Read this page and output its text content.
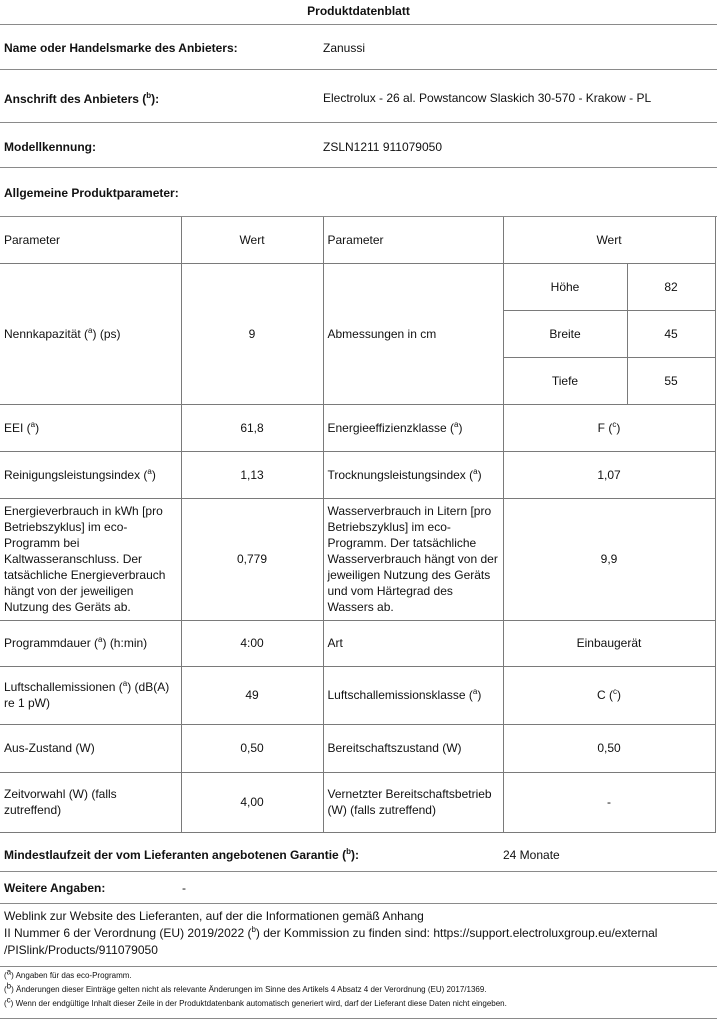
Produktdatenblatt
Name oder Handelsmarke des Anbieters:	Zanussi
Anschrift des Anbieters ($^b$):	Electrolux - 26 al. Powstancow Slaskich 30-570 - Krakow - PL
Modellkennung:	ZSLN1211 911079050
Allgemeine Produktparameter:
Parameter	Wert	Parameter	Wert	
Nennkapazität ($^a$) (ps)	9	Abmessungen in cm	Höhe	82
			Breite	45
			Tiefe	55
EEI ($^a$)	61,8	Energieeffizienzklasse ($^a$)	F ($^c$)	
Reinigungsleistungsindex ($^a$)	1,13	Trocknungsleistungsindex ($^a$)	1,07	
Energieverbrauch in kWh [pro Betriebszyklus] im eco-Programm bei Kaltwasseranschluss. Der tatsächliche Energieverbrauch hängt von der jeweiligen Nutzung des Geräts ab.	0,779	Wasserverbrauch in Litern [pro Betriebszyklus] im eco-Programm. Der tatsächliche Wasserverbrauch hängt von der jeweiligen Nutzung des Geräts und vom Härtegrad des Wassers ab.	9,9	
Programmdauer ($^a$) (h:min)	4:00	Art	Einbaugerät	
Luftschallemissionen ($^a$) (dB(A) re 1 pW)	49	Luftschallemissionsklasse ($^a$)	C ($^c$)	
Aus-Zustand (W)	0,50	Bereitschaftszustand (W)	0,50	
Zeitvorwahl (W) (falls zutreffend)	4,00	Vernetzter Bereitschaftsbetrieb (W) (falls zutreffend)	-	
Mindestlaufzeit der vom Lieferanten angebotenen Garantie ($^b$):	24 Monate
Weitere Angaben:	-
Weblink zur Website des Lieferanten, auf der die Informationen gemäß Anhang
II Nummer 6 der Verordnung (EU) 2019/2022 ($^b$) der Kommission zu finden sind: https://support.electroluxgroup.eu/external
/PISlink/Products/911079050
($^a$) Angaben für das eco-Programm.
($^b$) Änderungen dieser Einträge gelten nicht als relevante Änderungen im Sinne des Artikels 4 Absatz 4 der Verordnung (EU) 2017/1369.
($^c$) Wenn der endgültige Inhalt dieser Zeile in der Produktdatenbank automatisch generiert wird, darf der Lieferant diese Daten nicht eingeben.
